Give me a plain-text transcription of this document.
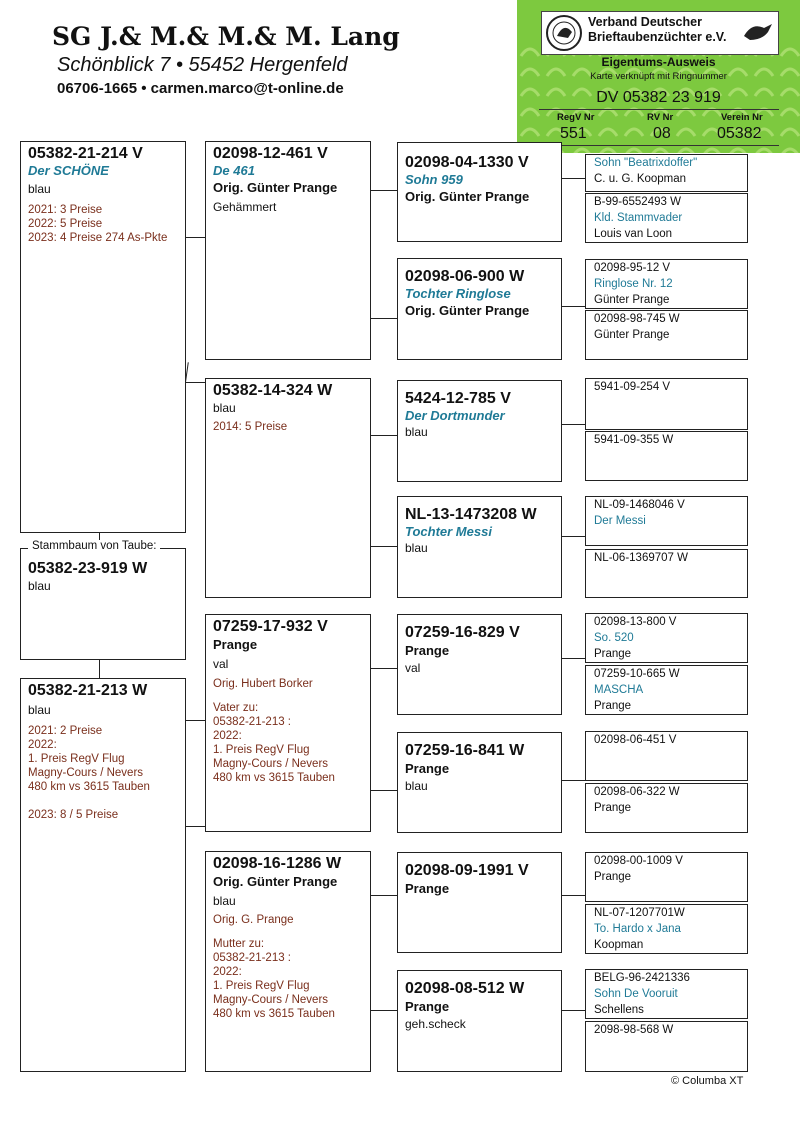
SG J.& M.& M.& M. Lang
Schönblick 7 • 55452 Hergenfeld
06706-1665 • carmen.marco@t-online.de
Verband Deutscher
Brieftaubenzüchter e.V.
Eigentums-Ausweis
Karte verknüpft mit Ringnummer
DV 05382 23 919
RegV Nr	RV Nr	Verein Nr
551	08	05382
05382-21-214 V
Der SCHÖNE
blau
2021: 3 Preise
2022: 5 Preise
2023: 4 Preise 274 As-Pkte
05382-23-919 W
blau
Stammbaum von Taube:
05382-21-213 W
blau
2021: 2 Preise
2022:
1. Preis RegV Flug
Magny-Cours / Nevers
480 km vs 3615 Tauben
2023: 8 / 5 Preise
02098-12-461 V
De 461
Orig. Günter Prange
Gehämmert
05382-14-324 W
blau
2014: 5 Preise
07259-17-932 V
Prange
val
Orig. Hubert Borker
Vater zu:
05382-21-213 :
2022:
1. Preis RegV Flug
Magny-Cours / Nevers
480 km vs 3615 Tauben
02098-16-1286 W
Orig. Günter Prange
blau
Orig. G. Prange
Mutter zu:
05382-21-213 :
2022:
1. Preis RegV Flug
Magny-Cours / Nevers
480 km vs 3615 Tauben
02098-04-1330 V
Sohn 959
Orig. Günter Prange
02098-06-900 W
Tochter Ringlose
Orig. Günter Prange
5424-12-785 V
Der Dortmunder
blau
NL-13-1473208 W
Tochter Messi
blau
07259-16-829 V
Prange
val
07259-16-841 W
Prange
blau
02098-09-1991 V
Prange
02098-08-512 W
Prange
geh.scheck
Sohn "Beatrixdoffer"
C. u. G. Koopman
B-99-6552493 W
Kld. Stammvader
Louis van Loon
02098-95-12 V
Ringlose Nr. 12
Günter Prange
02098-98-745 W
Günter Prange
5941-09-254 V
5941-09-355 W
NL-09-1468046 V
Der Messi
NL-06-1369707 W
02098-13-800 V
So. 520
Prange
07259-10-665 W
MASCHA
Prange
02098-06-451 V
02098-06-322 W
Prange
02098-00-1009 V
Prange
NL-07-1207701W
To. Hardo x Jana
Koopman
BELG-96-2421336
Sohn De Vooruit
Schellens
2098-98-568 W
© Columba XT
